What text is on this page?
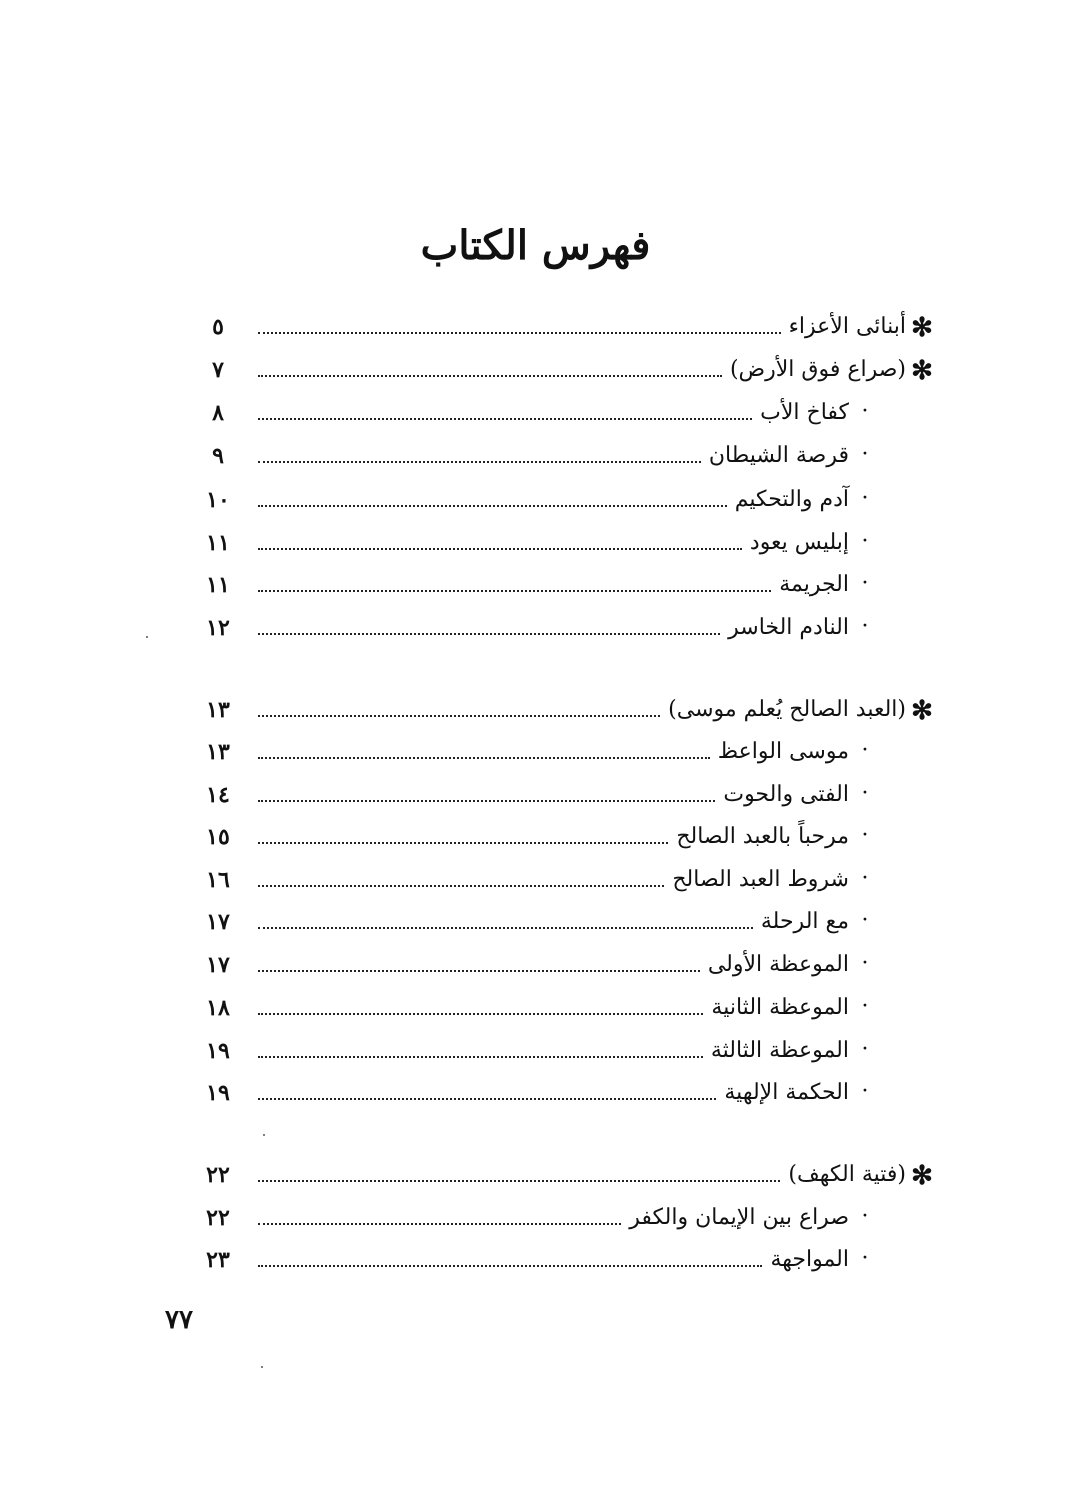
فهرس الكتاب
✻
أبنائى الأعزاء
٥
✻
(صراع فوق الأرض)
٧
·
كفاخ الأب
٨
·
قرصة الشيطان
٩
·
آدم والتحكيم
١٠
·
إبليس يعود
١١
·
الجريمة
١١
·
النادم الخاسر
١٢
✻
(العبد الصالح يُعلم موسى)
١٣
·
موسى الواعظ
١٣
·
الفتى والحوت
١٤
·
مرحباً بالعبد الصالح
١٥
·
شروط العبد الصالح
١٦
·
مع الرحلة
١٧
·
الموعظة الأولى
١٧
·
الموعظة الثانية
١٨
·
الموعظة الثالثة
١٩
·
الحكمة الإلهية
١٩
✻
(فتية الكهف)
٢٢
·
صراع بين الإيمان والكفر
٢٢
·
المواجهة
٢٣
٧٧
